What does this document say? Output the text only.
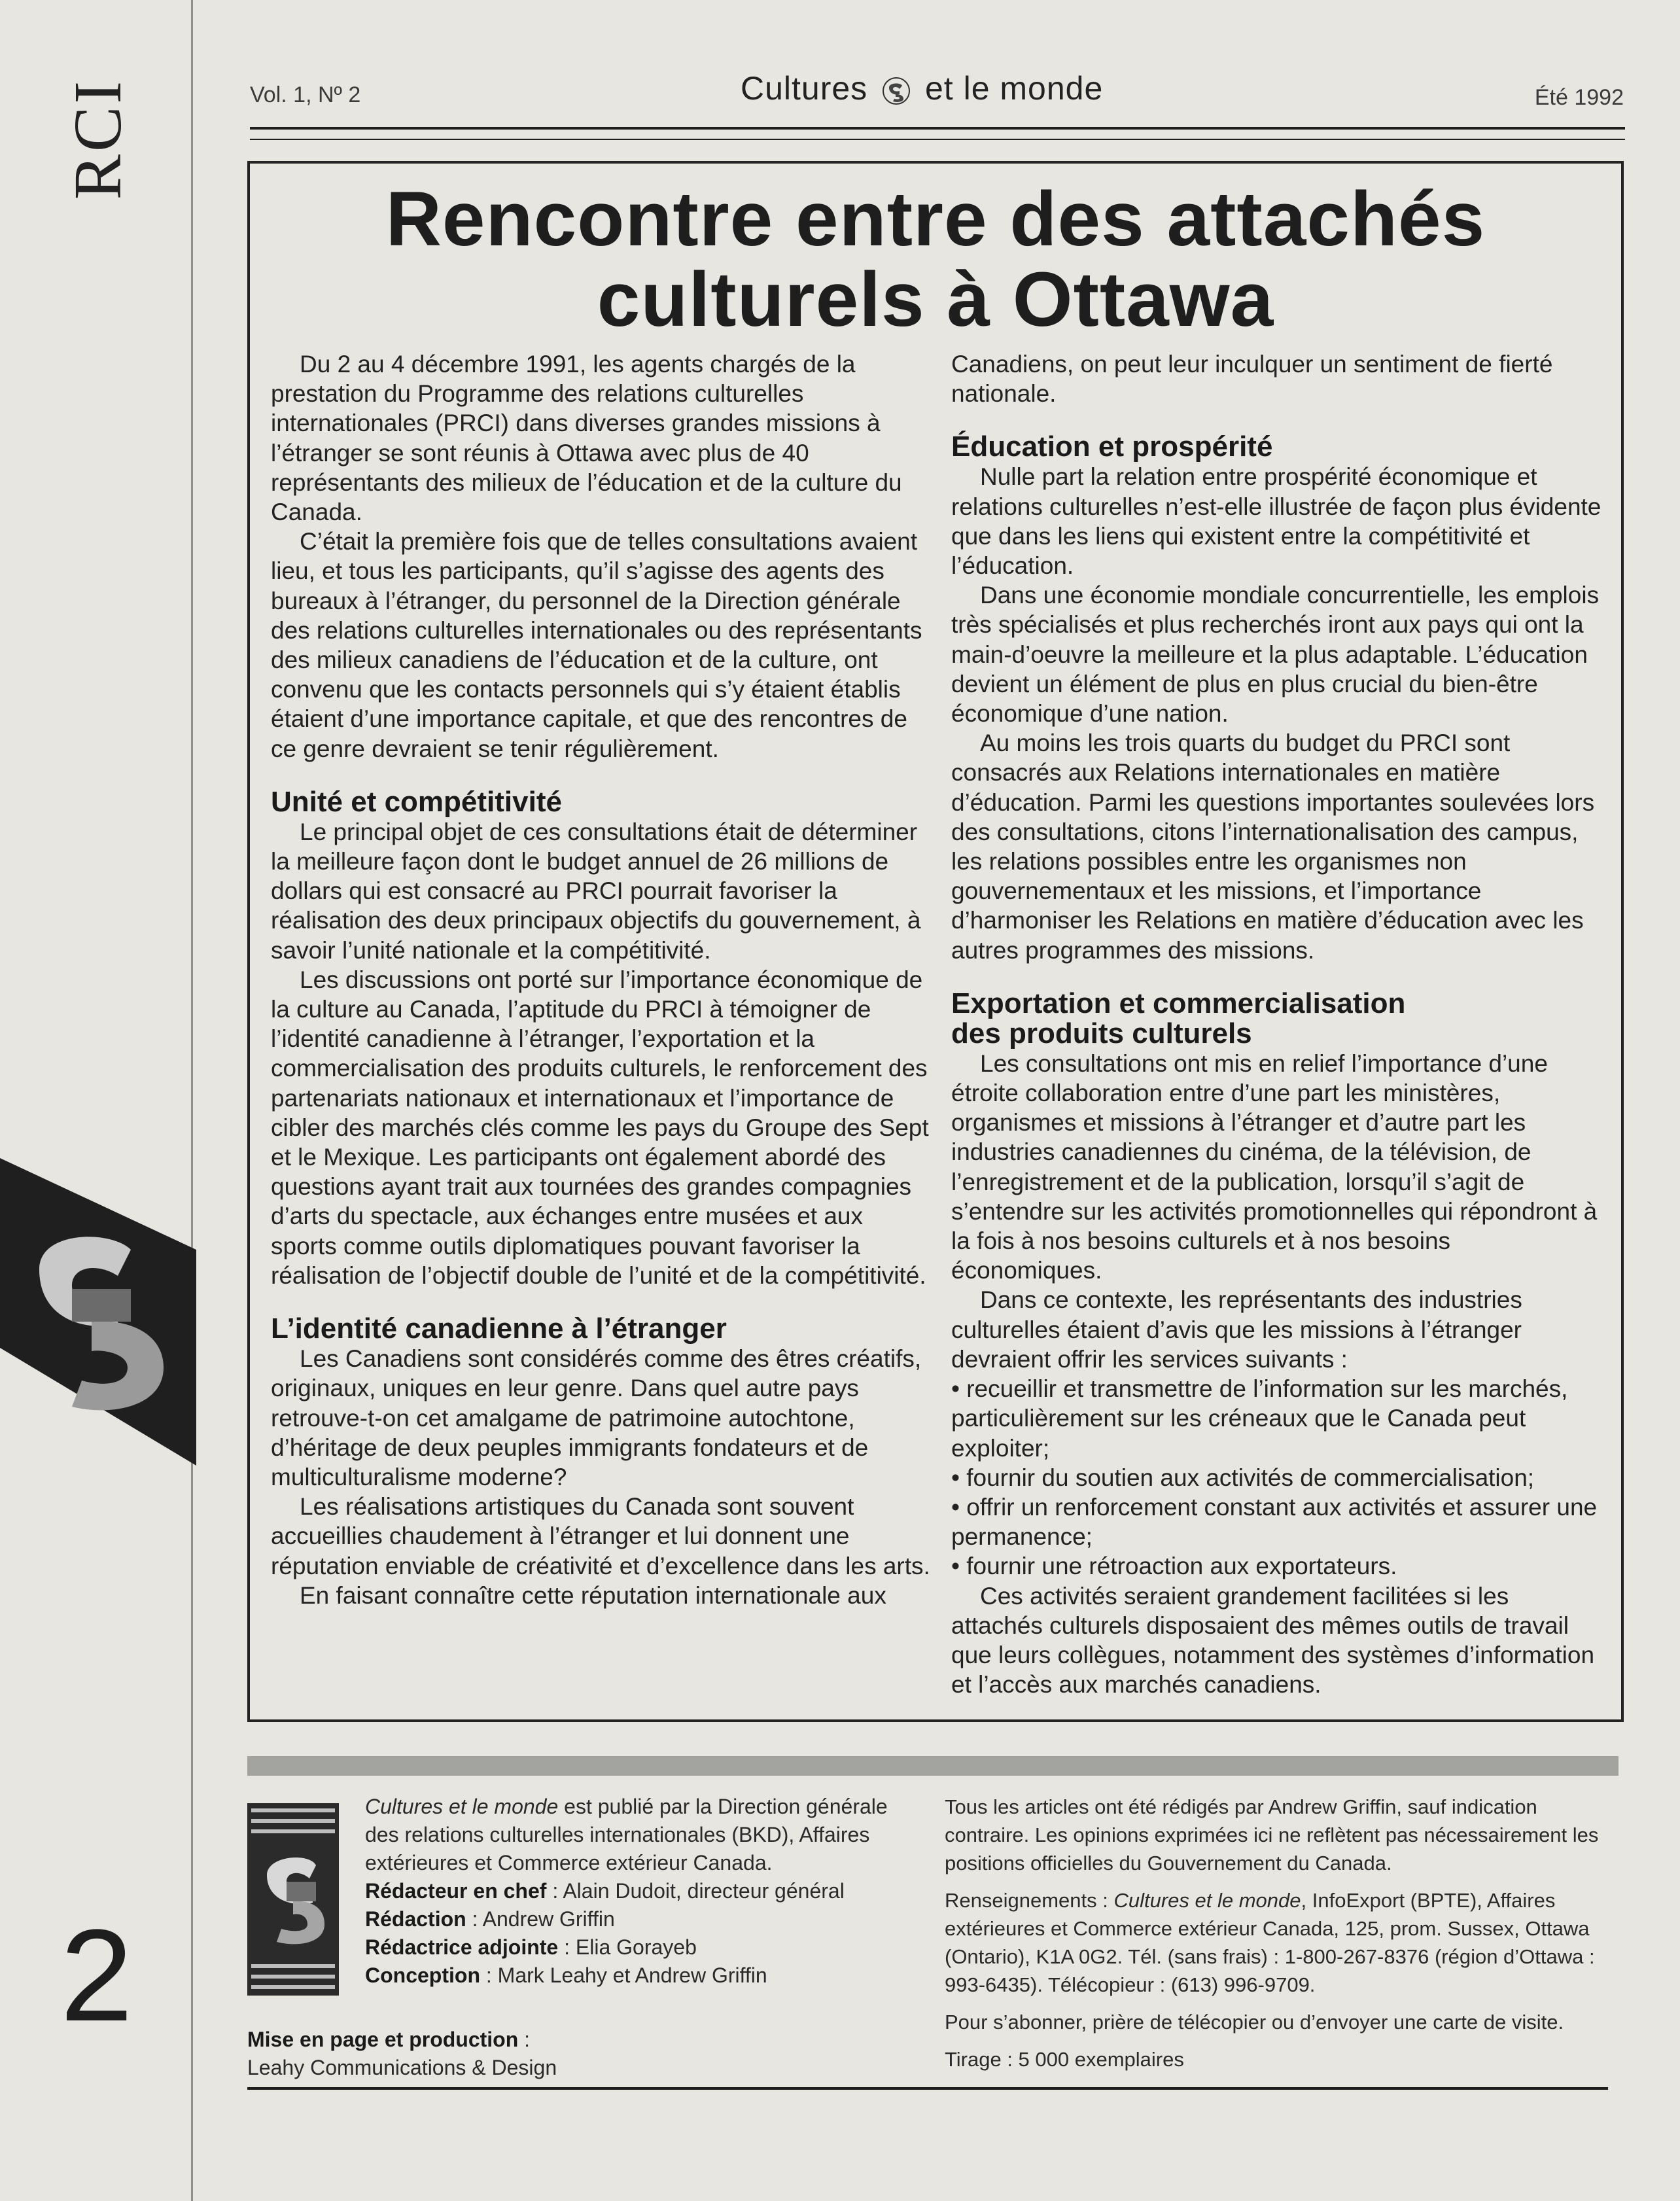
RCI
2
Vol. 1, Nº 2	Cultures et le monde	Été 1992
Rencontre entre des attachés
culturels à Ottawa

Du 2 au 4 décembre 1991, les agents chargés de la prestation du Programme des relations culturelles internationales (PRCI) dans diverses grandes missions à l’étranger se sont réunis à Ottawa avec plus de 40 représentants des milieux de l’éducation et de la culture du Canada.

C’était la première fois que de telles consultations avaient lieu, et tous les participants, qu’il s’agisse des agents des bureaux à l’étranger, du personnel de la Direction générale des relations culturelles internationales ou des représentants des milieux canadiens de l’éducation et de la culture, ont convenu que les contacts personnels qui s’y étaient établis étaient d’une importance capitale, et que des rencontres de ce genre devraient se tenir régulièrement.

Unité et compétitivité

Le principal objet de ces consultations était de déterminer la meilleure façon dont le budget annuel de 26 millions de dollars qui est consacré au PRCI pourrait favoriser la réalisation des deux principaux objectifs du gouvernement, à savoir l’unité nationale et la compétitivité.

Les discussions ont porté sur l’importance économique de la culture au Canada, l’aptitude du PRCI à témoigner de l’identité canadienne à l’étranger, l’exportation et la commercialisation des produits culturels, le renforcement des partenariats nationaux et internationaux et l’importance de cibler des marchés clés comme les pays du Groupe des Sept et le Mexique. Les participants ont également abordé des questions ayant trait aux tournées des grandes compagnies d’arts du spectacle, aux échanges entre musées et aux sports comme outils diplomatiques pouvant favoriser la réalisation de l’objectif double de l’unité et de la compétitivité.

L’identité canadienne à l’étranger

Les Canadiens sont considérés comme des êtres créatifs, originaux, uniques en leur genre. Dans quel autre pays retrouve-t-on cet amalgame de patrimoine autochtone, d’héritage de deux peuples immigrants fondateurs et de multiculturalisme moderne?

Les réalisations artistiques du Canada sont souvent accueillies chaudement à l’étranger et lui donnent une réputation enviable de créativité et d’excellence dans les arts.

En faisant connaître cette réputation internationale aux

Canadiens, on peut leur inculquer un sentiment de fierté nationale.

Éducation et prospérité

Nulle part la relation entre prospérité économique et relations culturelles n’est-elle illustrée de façon plus évidente que dans les liens qui existent entre la compétitivité et l’éducation.

Dans une économie mondiale concurrentielle, les emplois très spécialisés et plus recherchés iront aux pays qui ont la main-d’oeuvre la meilleure et la plus adaptable. L’éducation devient un élément de plus en plus crucial du bien-être économique d’une nation.

Au moins les trois quarts du budget du PRCI sont consacrés aux Relations internationales en matière d’éducation. Parmi les questions importantes soulevées lors des consultations, citons l’internationalisation des campus, les relations possibles entre les organismes non gouvernementaux et les missions, et l’importance d’harmoniser les Relations en matière d’éducation avec les autres programmes des missions.

Exportation et commercialisation
des produits culturels

Les consultations ont mis en relief l’importance d’une étroite collaboration entre d’une part les ministères, organismes et missions à l’étranger et d’autre part les industries canadiennes du cinéma, de la télévision, de l’enregistrement et de la publication, lorsqu’il s’agit de s’entendre sur les activités promotionnelles qui répondront à la fois à nos besoins culturels et à nos besoins économiques.

Dans ce contexte, les représentants des industries culturelles étaient d’avis que les missions à l’étranger devraient offrir les services suivants :

• recueillir et transmettre de l’information sur les marchés, particulièrement sur les créneaux que le Canada peut exploiter;
• fournir du soutien aux activités de commercialisation;
• offrir un renforcement constant aux activités et assurer une permanence;
• fournir une rétroaction aux exportateurs.

Ces activités seraient grandement facilitées si les attachés culturels disposaient des mêmes outils de travail que leurs collègues, notamment des systèmes d’information et l’accès aux marchés canadiens.

Cultures et le monde est publié par la Direction générale des relations culturelles internationales (BKD), Affaires extérieures et Commerce extérieur Canada.

Rédacteur en chef : Alain Dudoit, directeur général

Rédaction : Andrew Griffin

Rédactrice adjointe : Elia Gorayeb

Conception : Mark Leahy et Andrew Griffin

Mise en page et production :

Leahy Communications & Design

Tous les articles ont été rédigés par Andrew Griffin, sauf indication contraire. Les opinions exprimées ici ne reflètent pas nécessairement les positions officielles du Gouvernement du Canada.

Renseignements : Cultures et le monde, InfoExport (BPTE), Affaires extérieures et Commerce extérieur Canada, 125, prom. Sussex, Ottawa (Ontario), K1A 0G2. Tél. (sans frais) : 1-800-267-8376 (région d’Ottawa : 993-6435). Télécopieur : (613) 996-9709.

Pour s’abonner, prière de télécopier ou d’envoyer une carte de visite.

Tirage : 5 000 exemplaires
